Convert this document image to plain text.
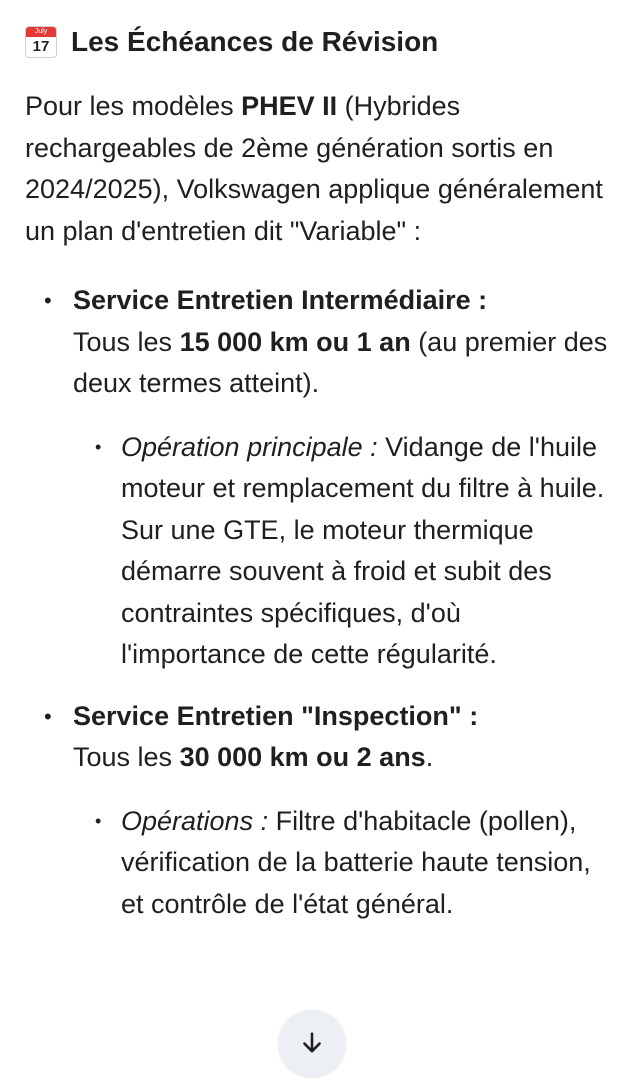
July
17 Les Échéances de Révision
Pour les modèles PHEV II (Hybrides rechargeables de 2ème génération sortis en 2024/2025), Volkswagen applique généralement un plan d'entretien dit "Variable" :
• Service Entretien Intermédiaire :
Tous les 15 000 km ou 1 an (au premier des deux termes atteint).
• Opération principale : Vidange de l'huile moteur et remplacement du filtre à huile. Sur une GTE, le moteur thermique démarre souvent à froid et subit des contraintes spécifiques, d'où l'importance de cette régularité.
• Service Entretien "Inspection" :
Tous les 30 000 km ou 2 ans.
• Opérations : Filtre d'habitacle (pollen), vérification de la batterie haute tension, et contrôle de l'état général.
